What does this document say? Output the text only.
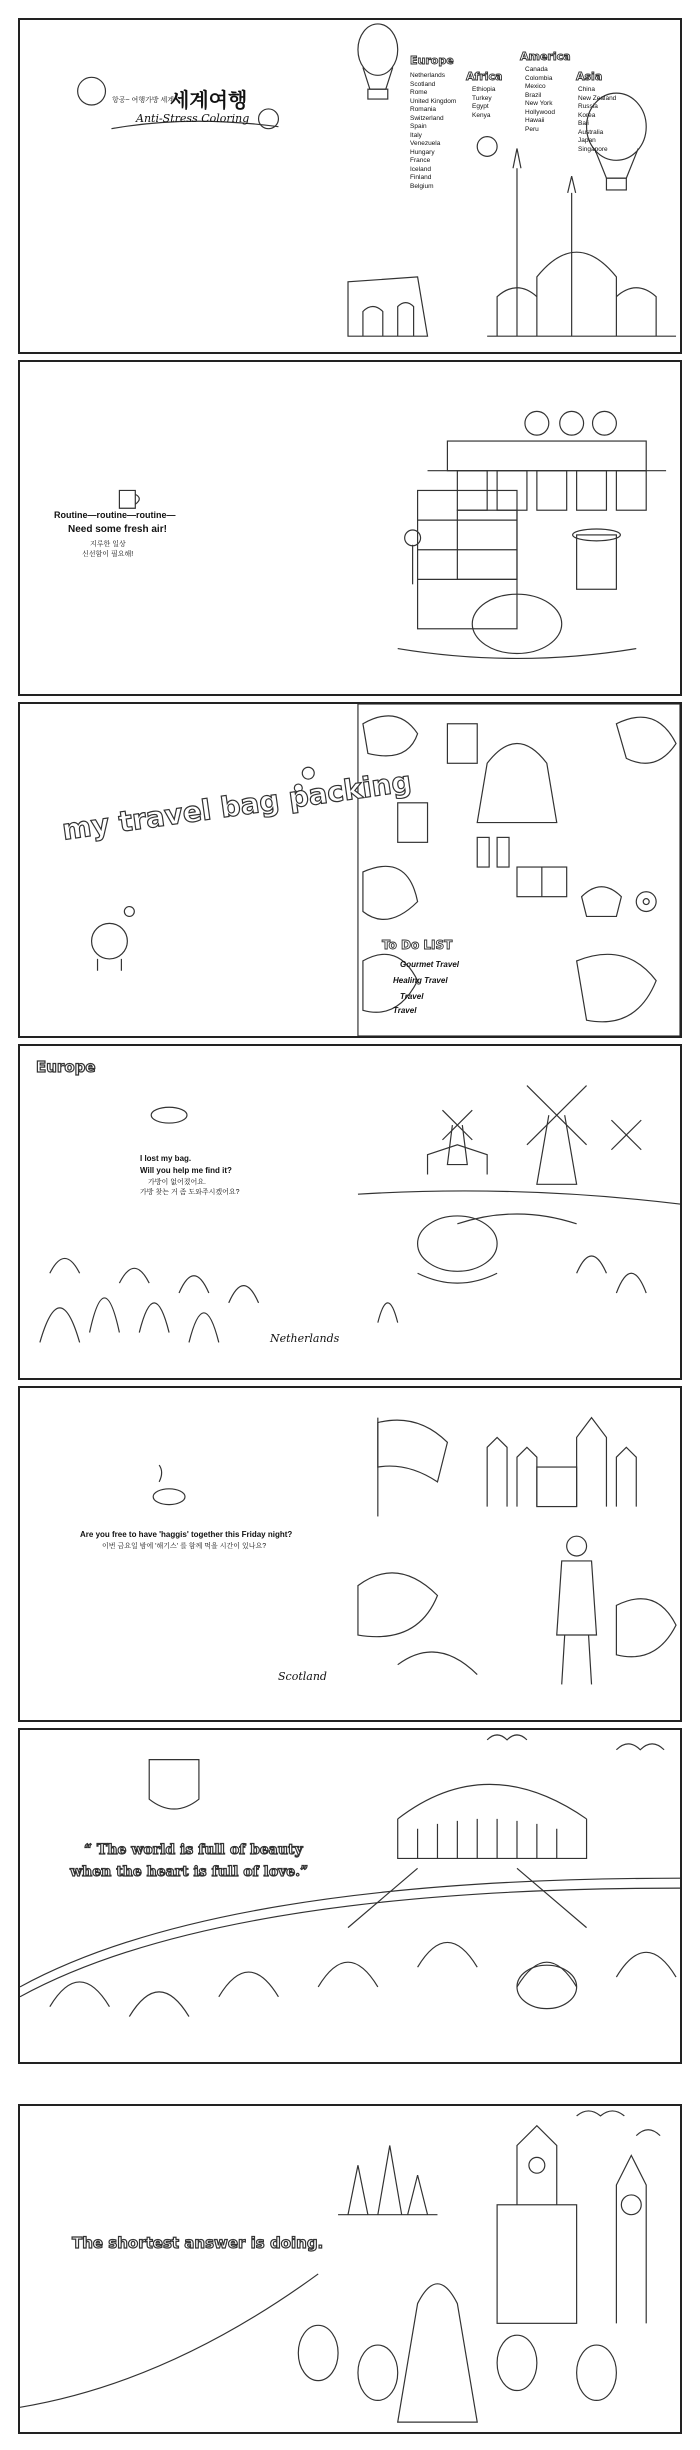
항공~ 여행가방 세계
세계여행
Anti-Stress Coloring
Europe
Netherlands
Scotland
Rome
United Kingdom
Romania
Switzerland
Spain
Italy
Venezuela
Hungary
France
Iceland
Finland
Belgium
Africa
Ethiopia
Turkey
Egypt
Kenya
America
Canada
Colombia
Mexico
Brazil
New York
Hollywood
Hawaii
Peru
Asia
China
New Zealand
Russia
Korea
Bali
Australia
Japan
Singapore
Routine—routine—routine—
Need some fresh air!
지루한 일상
신선함이 필요해!
my travel bag packing
To Do LIST
Gourmet Travel
Healing Travel
Travel
Travel
Europe
I lost my bag.
Will you help me find it?
가방이 없어졌어요.
가방 찾는 거 좀 도와주시겠어요?
Netherlands
Are you free to have 'haggis' together this Friday night?
이번 금요일 밤에 '해기스' 를 함께 먹을 시간이 있나요?
Scotland
“ The world is full of beauty
when the heart is full of love.”
The shortest answer is doing.
